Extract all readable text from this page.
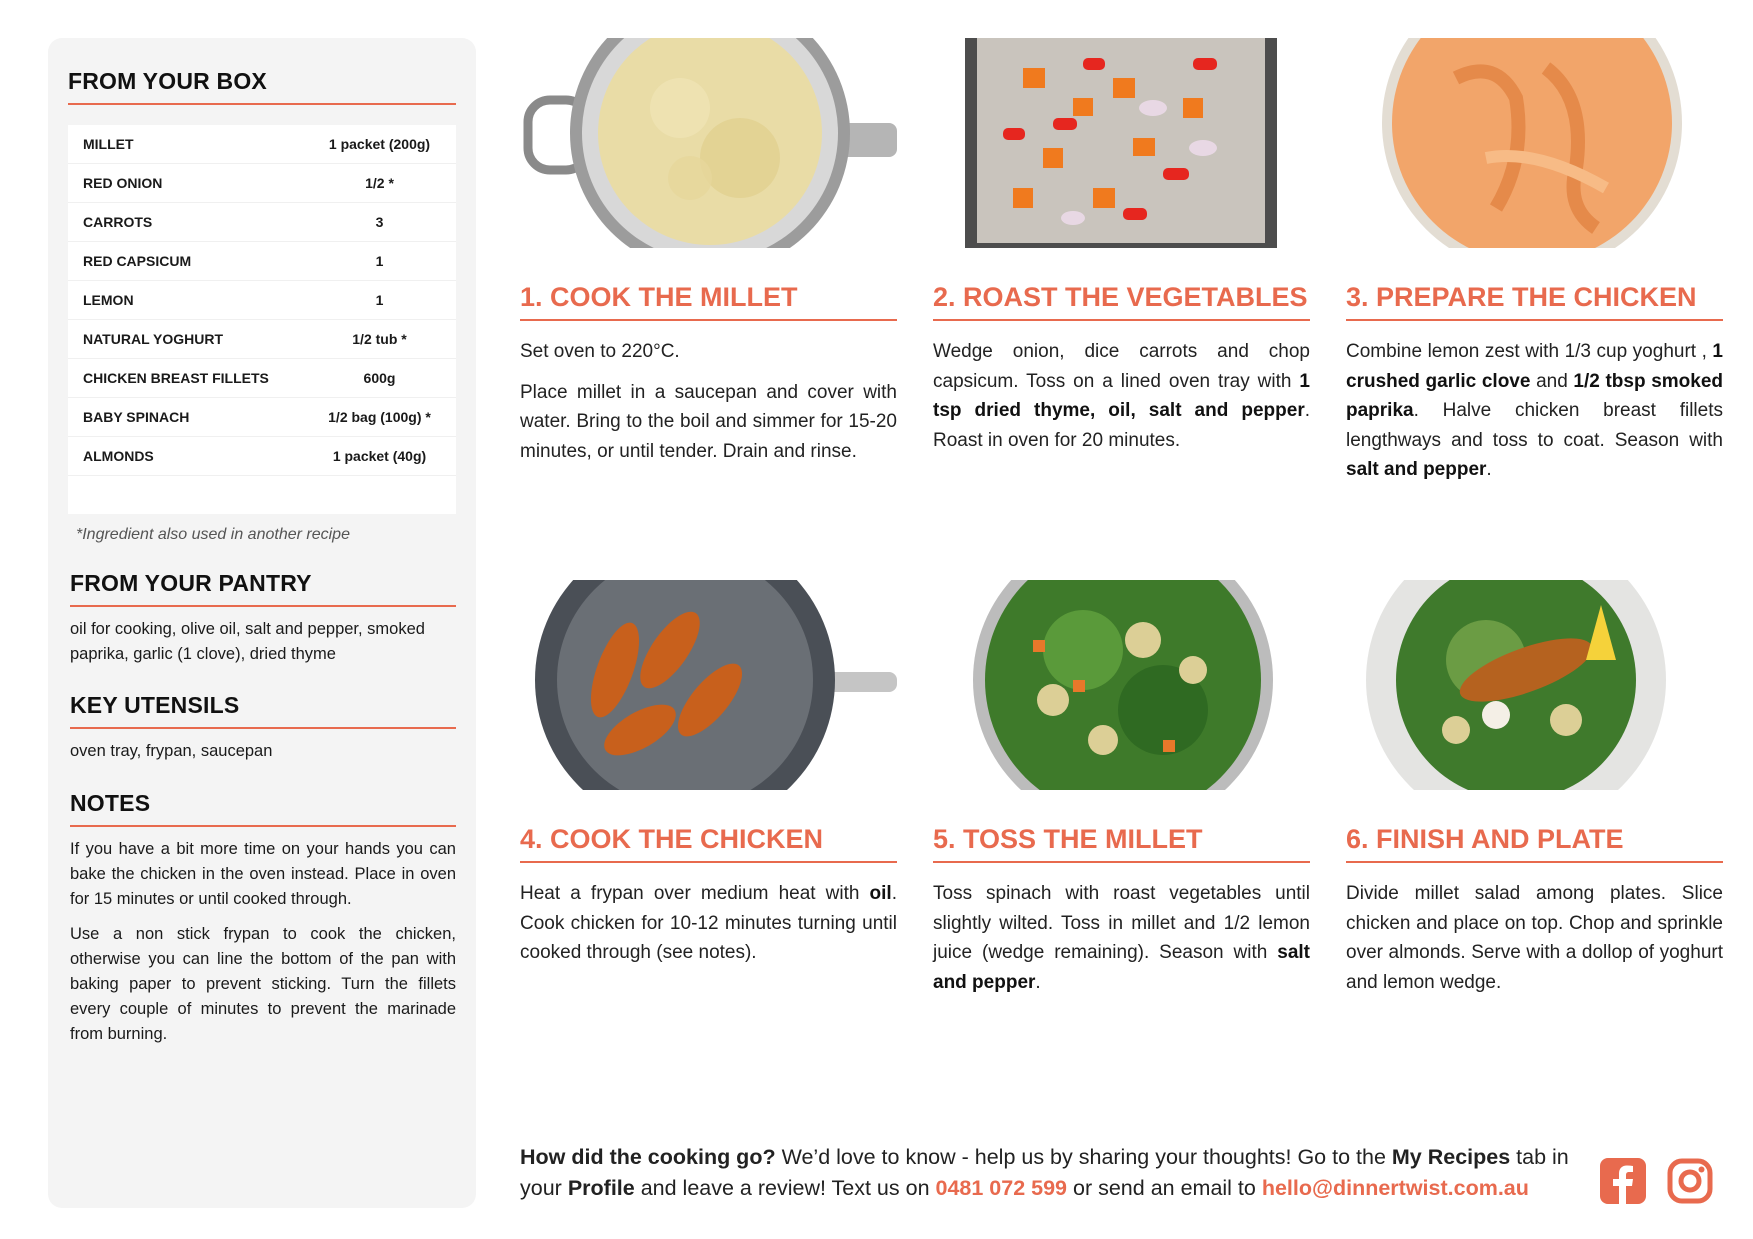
FROM YOUR BOX
MILLET	1 packet (200g)
RED ONION	1/2 *
CARROTS	3
RED CAPSICUM	1
LEMON	1
NATURAL YOGHURT	1/2 tub *
CHICKEN BREAST FILLETS	600g
BABY SPINACH	1/2 bag (100g) *
ALMONDS	1 packet (40g)

*Ingredient also used in another recipe

FROM YOUR PANTRY

oil for cooking, olive oil, salt and pepper, smoked paprika, garlic (1 clove), dried thyme

KEY UTENSILS

oven tray, frypan, saucepan

NOTES

If you have a bit more time on your hands you can bake the chicken in the oven instead. Place in oven for 15 minutes or until cooked through.

Use a non stick frypan to cook the chicken, otherwise you can line the bottom of the pan with baking paper to prevent sticking. Turn the fillets every couple of minutes to prevent the marinade from burning.

1. COOK THE MILLET

Set oven to 220°C.

Place millet in a saucepan and cover with water. Bring to the boil and simmer for 15-20 minutes, or until tender. Drain and rinse.

2. ROAST THE VEGETABLES

Wedge onion, dice carrots and chop capsicum. Toss on a lined oven tray with 1 tsp dried thyme, oil, salt and pepper. Roast in oven for 20 minutes.

3. PREPARE THE CHICKEN

Combine lemon zest with 1/3 cup yoghurt , 1 crushed garlic clove and 1/2 tbsp smoked paprika. Halve chicken breast fillets lengthways and toss to coat. Season with salt and pepper.

4. COOK THE CHICKEN

Heat a frypan over medium heat with oil. Cook chicken for 10-12 minutes turning until cooked through (see notes).

5. TOSS THE MILLET

Toss spinach with roast vegetables until slightly wilted. Toss in millet and 1/2 lemon juice (wedge remaining). Season with salt and pepper.

6. FINISH AND PLATE

Divide millet salad among plates. Slice chicken and place on top. Chop and sprinkle over almonds. Serve with a dollop of yoghurt and lemon wedge.

How did the cooking go? We’d love to know - help us by sharing your thoughts! Go to the My Recipes tab in your Profile and leave a review! Text us on 0481 072 599 or send an email to hello@dinnertwist.com.au
